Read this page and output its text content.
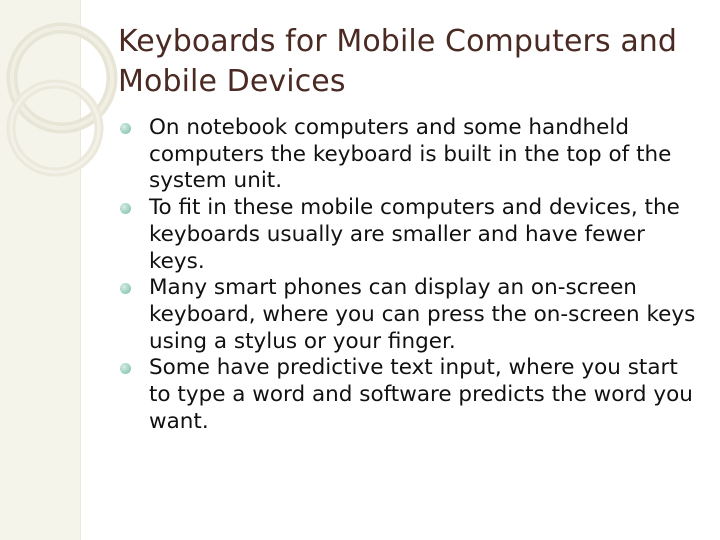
Keyboards for Mobile Computers and Mobile Devices
On notebook computers and some handheld computers the keyboard is built in the top of the system unit.
To fit in these mobile computers and devices, the keyboards usually are smaller and have fewer keys.
Many smart phones can display an on-screen keyboard, where you can press the on-screen keys using a stylus or your finger.
Some have predictive text input, where you start to type a word and software predicts the word you want.
